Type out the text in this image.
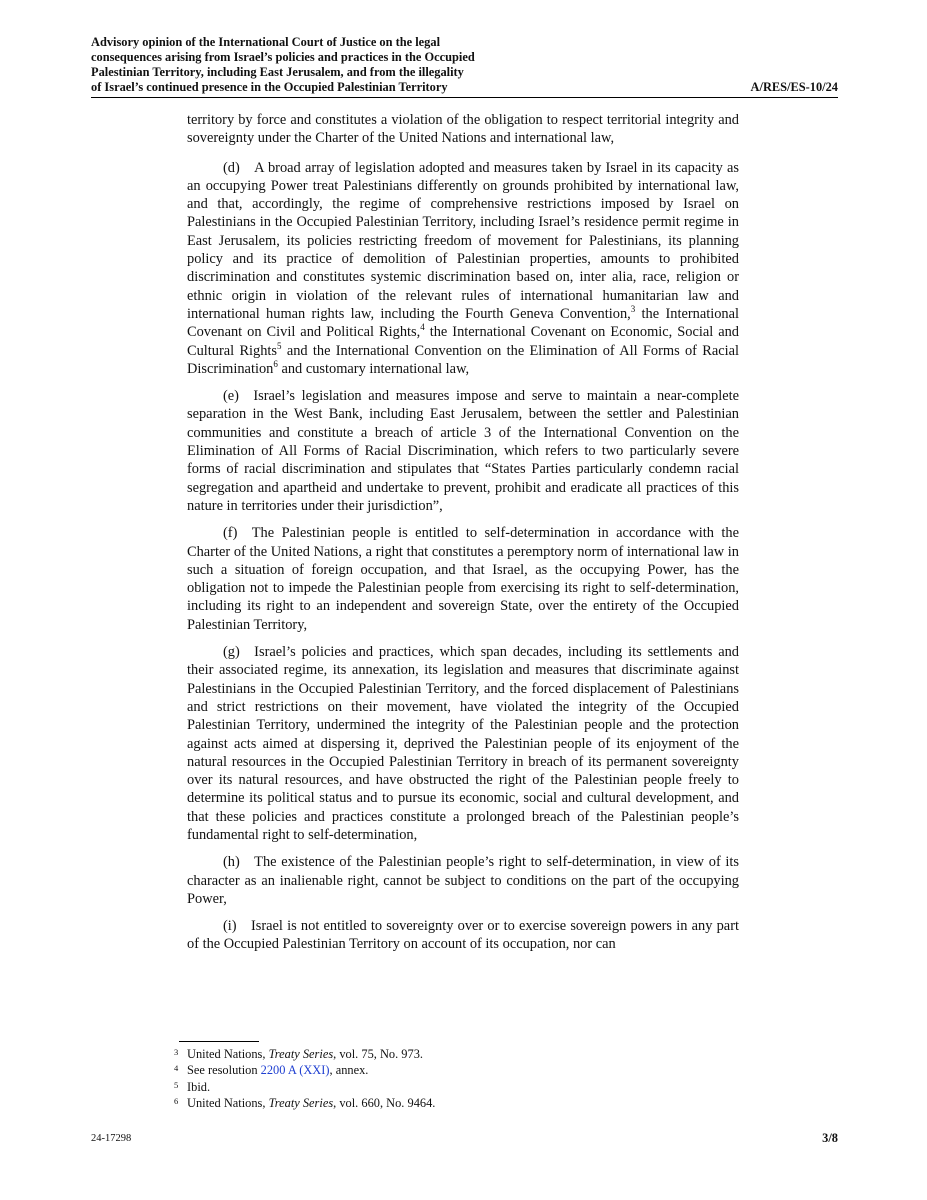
Advisory opinion of the International Court of Justice on the legal
consequences arising from Israel’s policies and practices in the Occupied
Palestinian Territory, including East Jerusalem, and from the illegality
of Israel’s continued presence in the Occupied Palestinian Territory	A/RES/ES-10/24

territory by force and constitutes a violation of the obligation to respect territorial integrity and sovereignty under the Charter of the United Nations and international law,

(d) A broad array of legislation adopted and measures taken by Israel in its capacity as an occupying Power treat Palestinians differently on grounds prohibited by international law, and that, accordingly, the regime of comprehensive restrictions imposed by Israel on Palestinians in the Occupied Palestinian Territory, including Israel’s residence permit regime in East Jerusalem, its policies restricting freedom of movement for Palestinians, its planning policy and its practice of demolition of Palestinian properties, amounts to prohibited discrimination and constitutes systemic discrimination based on, inter alia, race, religion or ethnic origin in violation of the relevant rules of international humanitarian law and international human rights law, including the Fourth Geneva Convention,$^3$ the International Covenant on Civil and Political Rights,$^4$ the International Covenant on Economic, Social and Cultural Rights$^5$ and the International Convention on the Elimination of All Forms of Racial Discrimination$^6$ and customary international law,

(e) Israel’s legislation and measures impose and serve to maintain a near-complete separation in the West Bank, including East Jerusalem, between the settler and Palestinian communities and constitute a breach of article 3 of the International Convention on the Elimination of All Forms of Racial Discrimination, which refers to two particularly severe forms of racial discrimination and stipulates that “States Parties particularly condemn racial segregation and apartheid and undertake to prevent, prohibit and eradicate all practices of this nature in territories under their jurisdiction”,

(f) The Palestinian people is entitled to self-determination in accordance with the Charter of the United Nations, a right that constitutes a peremptory norm of international law in such a situation of foreign occupation, and that Israel, as the occupying Power, has the obligation not to impede the Palestinian people from exercising its right to self-determination, including its right to an independent and sovereign State, over the entirety of the Occupied Palestinian Territory,

(g) Israel’s policies and practices, which span decades, including its settlements and their associated regime, its annexation, its legislation and measures that discriminate against Palestinians in the Occupied Palestinian Territory, and the forced displacement of Palestinians and strict restrictions on their movement, have violated the integrity of the Occupied Palestinian Territory, undermined the integrity of the Palestinian people and the protection against acts aimed at dispersing it, deprived the Palestinian people of its enjoyment of the natural resources in the Occupied Palestinian Territory in breach of its permanent sovereignty over its natural resources, and have obstructed the right of the Palestinian people freely to determine its political status and to pursue its economic, social and cultural development, and that these policies and practices constitute a prolonged breach of the Palestinian people’s fundamental right to self-determination,

(h) The existence of the Palestinian people’s right to self-determination, in view of its character as an inalienable right, cannot be subject to conditions on the part of the occupying Power,

(i) Israel is not entitled to sovereignty over or to exercise sovereign powers in any part of the Occupied Palestinian Territory on account of its occupation, nor can

3 United Nations, Treaty Series, vol. 75, No. 973.
4 See resolution 2200 A (XXI), annex.
5 Ibid.
6 United Nations, Treaty Series, vol. 660, No. 9464.
24-17298	3/8
